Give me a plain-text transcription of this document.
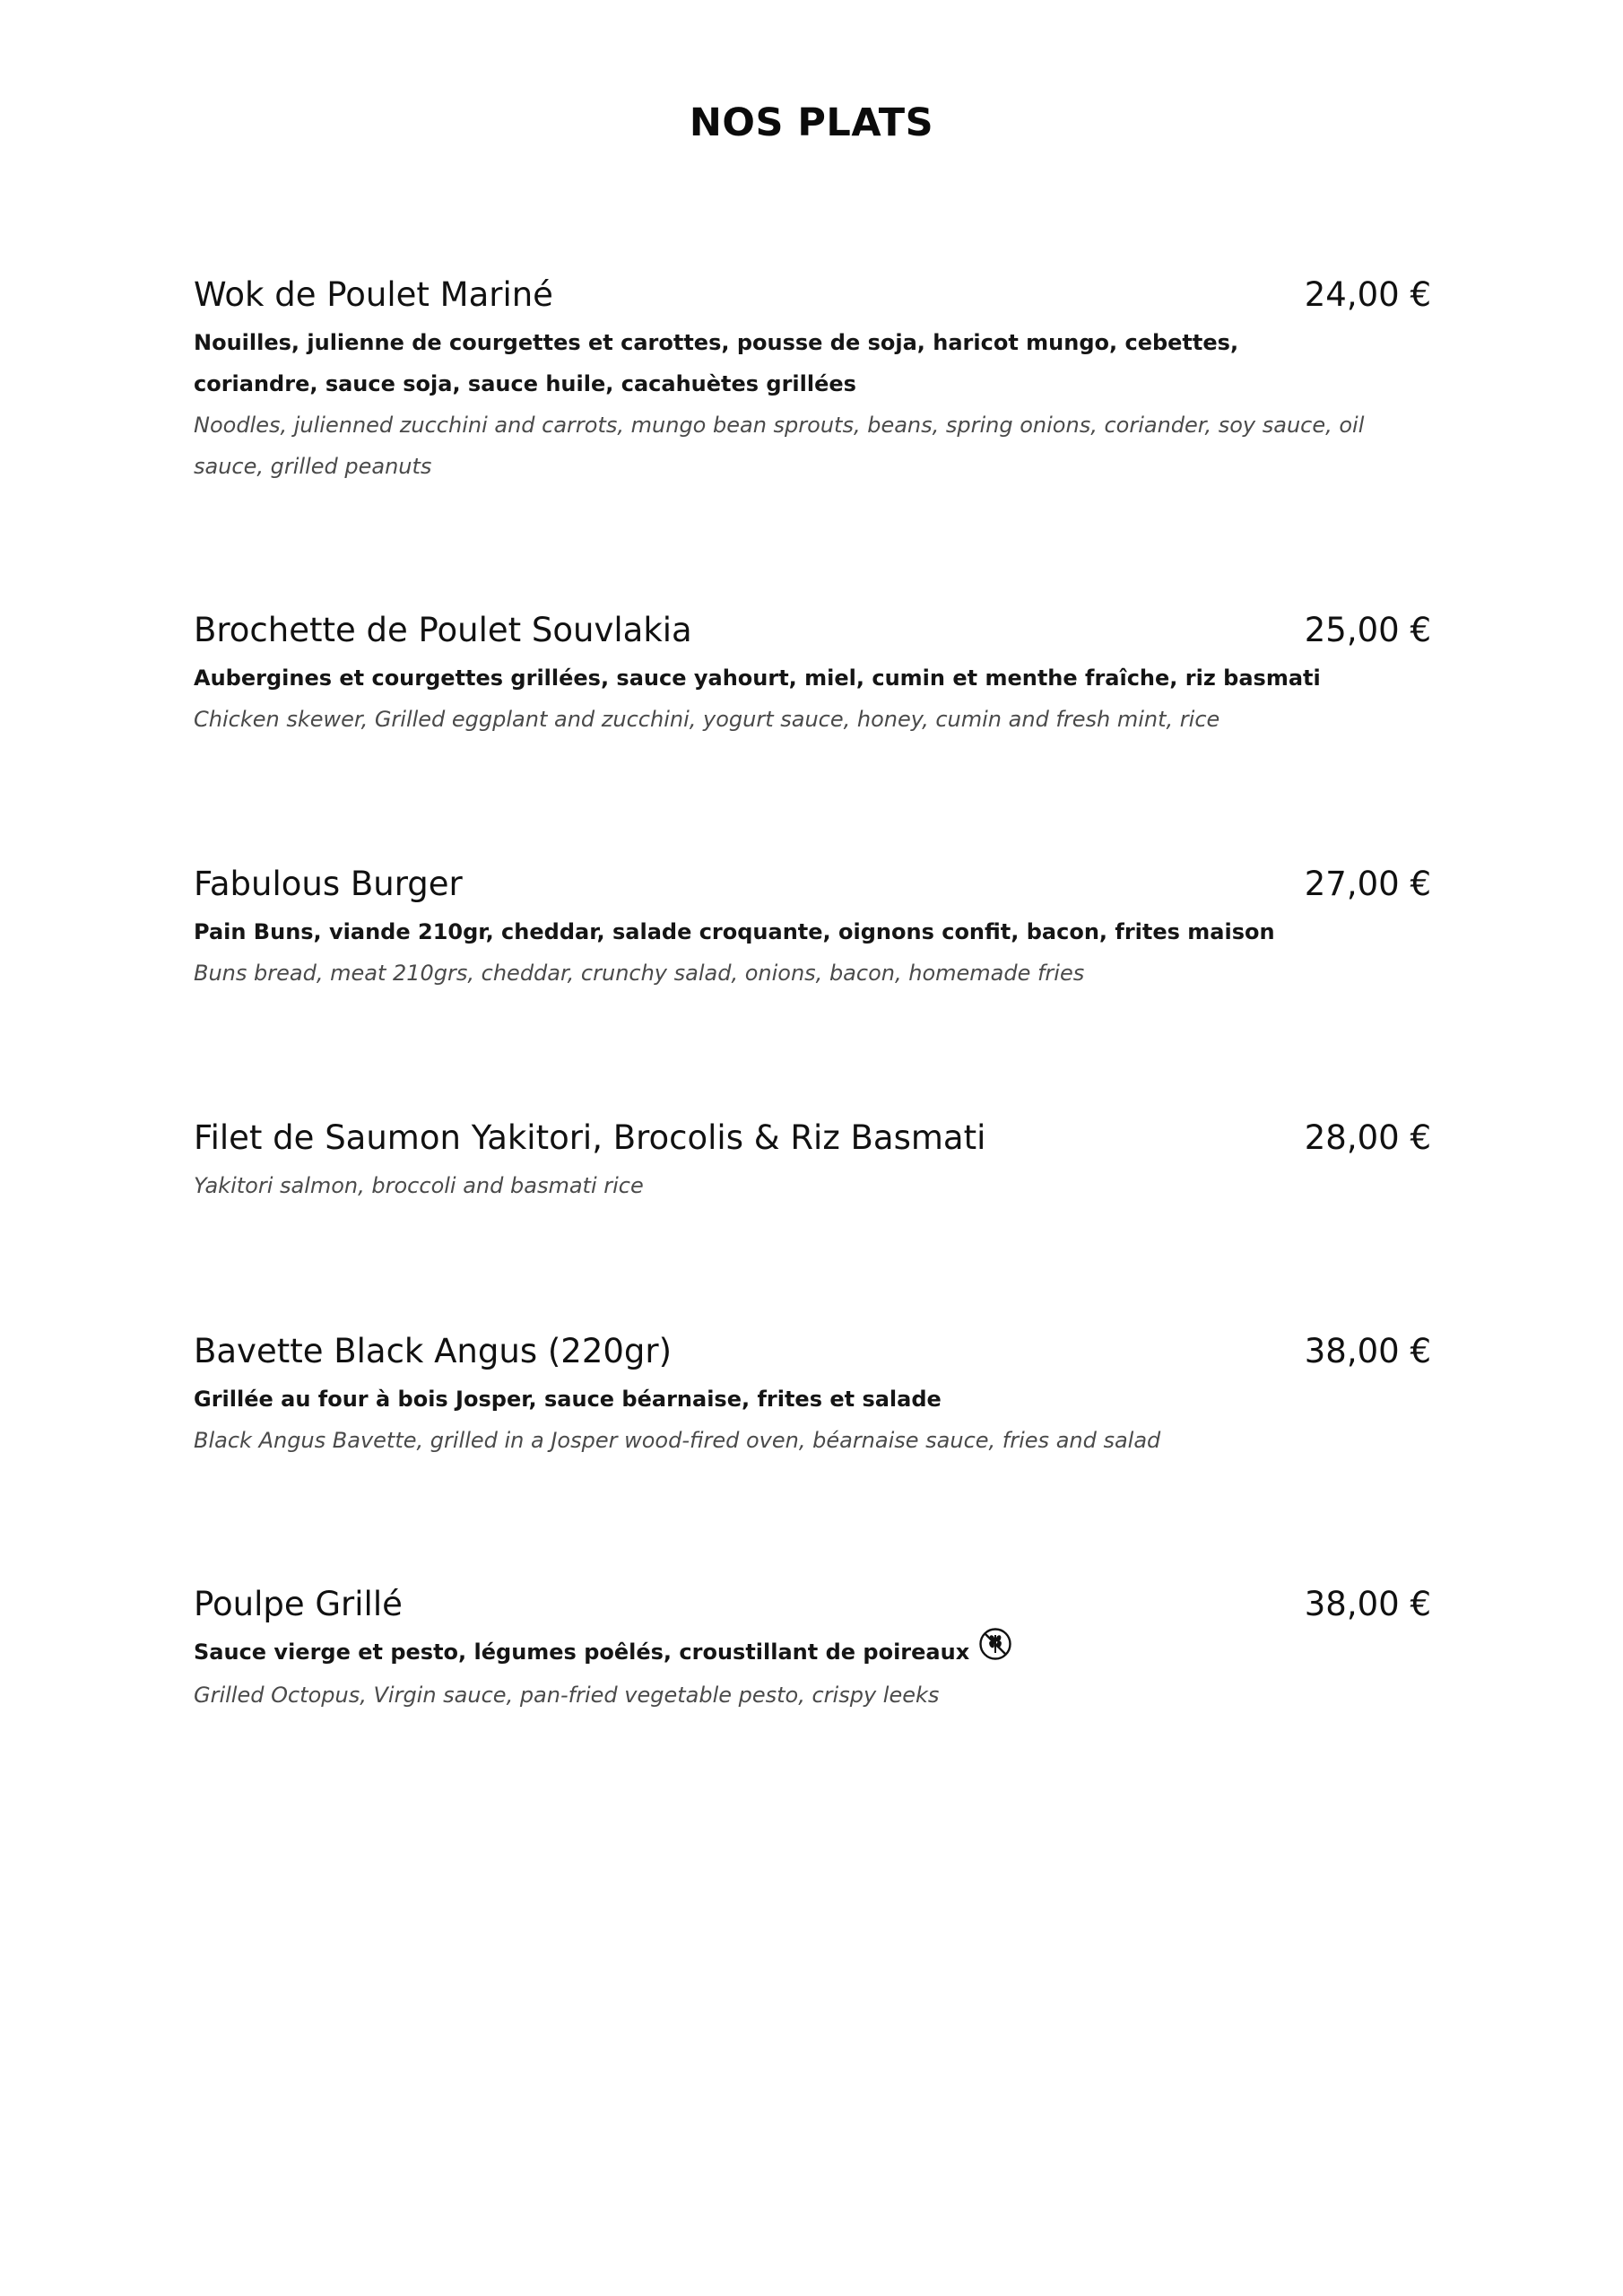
NOS PLATS
Wok de Poulet Mariné	24,00 €
Nouilles, julienne de courgettes et carottes, pousse de soja, haricot mungo, cebettes, coriandre, sauce soja, sauce huile, cacahuètes grillées
Noodles, julienned zucchini and carrots, mungo bean sprouts, beans, spring onions, coriander, soy sauce, oil sauce, grilled peanuts
Brochette de Poulet Souvlakia	25,00 €
Aubergines et courgettes grillées, sauce yahourt, miel, cumin et menthe fraîche, riz basmati
Chicken skewer, Grilled eggplant and zucchini, yogurt sauce, honey, cumin and fresh mint, rice
Fabulous Burger	27,00 €
Pain Buns, viande 210gr, cheddar, salade croquante, oignons confit, bacon, frites maison
Buns bread, meat 210grs, cheddar, crunchy salad, onions, bacon, homemade fries
Filet de Saumon Yakitori, Brocolis & Riz Basmati	28,00 €
Yakitori salmon, broccoli and basmati rice
Bavette Black Angus (220gr)	38,00 €
Grillée au four à bois Josper, sauce béarnaise, frites et salade
Black Angus Bavette, grilled in a Josper wood-fired oven, béarnaise sauce, fries and salad
Poulpe Grillé	38,00 €
Sauce vierge et pesto, légumes poêlés, croustillant de poireaux
Grilled Octopus, Virgin sauce, pan-fried vegetable pesto, crispy leeks
